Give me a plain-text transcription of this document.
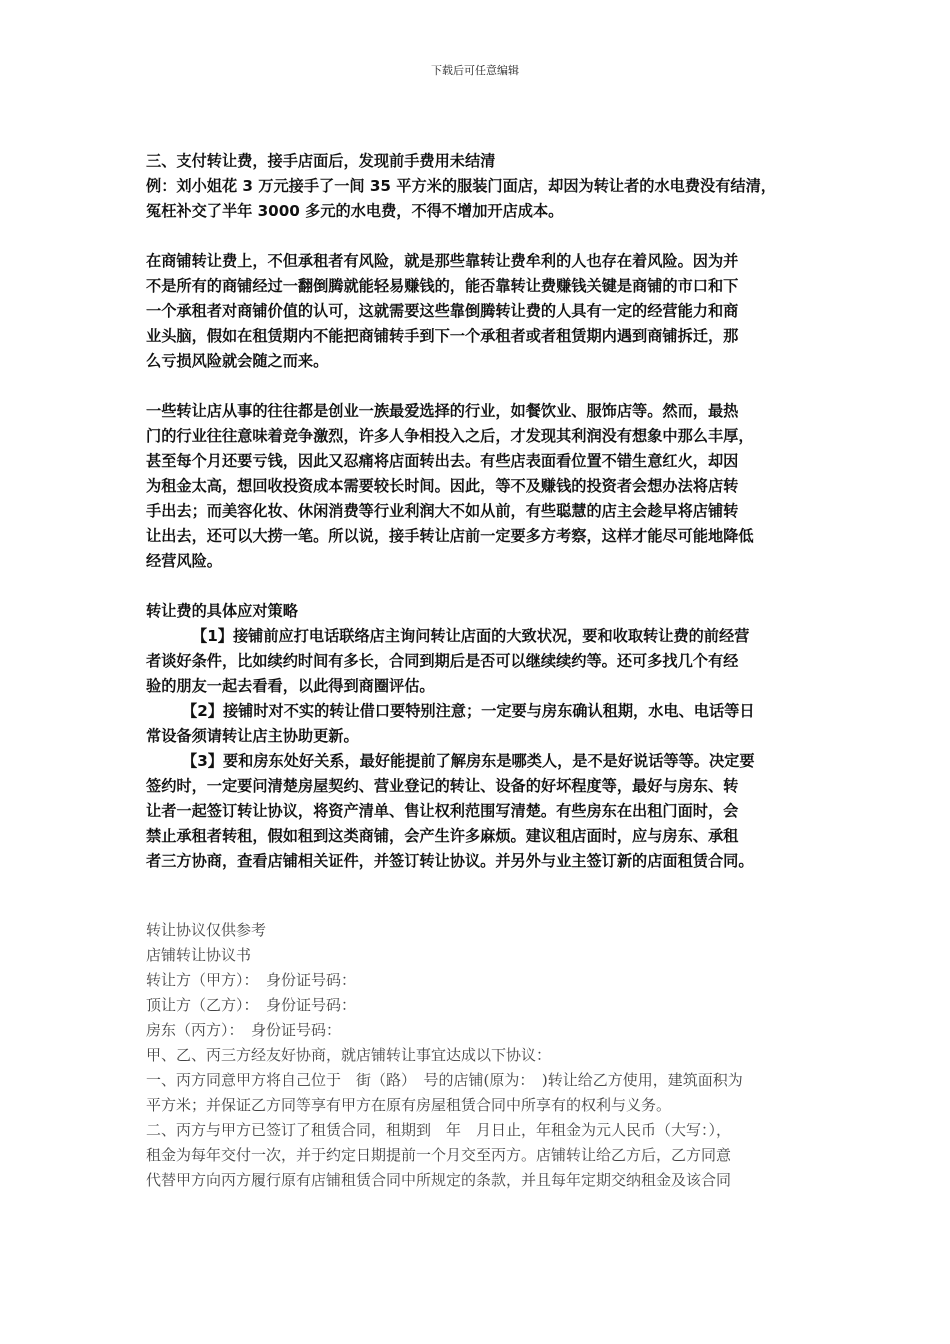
下载后可任意编辑

三、支付转让费，接手店面后，发现前手费用未结清

例：刘小姐花 3 万元接手了一间 35 平方米的服装门面店，却因为转让者的水电费没有结清，

冤枉补交了半年 3000 多元的水电费，不得不增加开店成本。

在商铺转让费上，不但承租者有风险，就是那些靠转让费牟利的人也存在着风险。因为并

不是所有的商铺经过一翻倒腾就能轻易赚钱的，能否靠转让费赚钱关键是商铺的市口和下

一个承租者对商铺价值的认可，这就需要这些靠倒腾转让费的人具有一定的经营能力和商

业头脑，假如在租赁期内不能把商铺转手到下一个承租者或者租赁期内遇到商铺拆迁，那

么亏损风险就会随之而来。

一些转让店从事的往往都是创业一族最爱选择的行业，如餐饮业、服饰店等。然而，最热

门的行业往往意味着竞争激烈，许多人争相投入之后，才发现其利润没有想象中那么丰厚，

甚至每个月还要亏钱，因此又忍痛将店面转出去。有些店表面看位置不错生意红火，却因

为租金太高，想回收投资成本需要较长时间。因此，等不及赚钱的投资者会想办法将店转

手出去；而美容化妆、休闲消费等行业利润大不如从前，有些聪慧的店主会趁早将店铺转

让出去，还可以大捞一笔。所以说，接手转让店前一定要多方考察，这样才能尽可能地降低

经营风险。

转让费的具体应对策略

【1】接铺前应打电话联络店主询问转让店面的大致状况，要和收取转让费的前经营

者谈好条件，比如续约时间有多长，合同到期后是否可以继续续约等。还可多找几个有经

验的朋友一起去看看，以此得到商圈评估。

【2】接铺时对不实的转让借口要特别注意；一定要与房东确认租期，水电、电话等日

常设备须请转让店主协助更新。

【3】要和房东处好关系，最好能提前了解房东是哪类人，是不是好说话等等。决定要

签约时，一定要问清楚房屋契约、营业登记的转让、设备的好坏程度等，最好与房东、转

让者一起签订转让协议，将资产清单、售让权利范围写清楚。有些房东在出租门面时，会

禁止承租者转租，假如租到这类商铺，会产生许多麻烦。建议租店面时，应与房东、承租

者三方协商，查看店铺相关证件，并签订转让协议。并另外与业主签订新的店面租赁合同。

转让协议仅供参考

店铺转让协议书

转让方（甲方）：　身份证号码：

顶让方（乙方）：　身份证号码：

房东（丙方）：　身份证号码：

甲、乙、丙三方经友好协商，就店铺转让事宜达成以下协议：

一、丙方同意甲方将自己位于　街（路）　号的店铺(原为：　)转让给乙方使用，建筑面积为

平方米；并保证乙方同等享有甲方在原有房屋租赁合同中所享有的权利与义务。

二、丙方与甲方已签订了租赁合同，租期到　年　月日止，年租金为元人民币（大写：），

租金为每年交付一次，并于约定日期提前一个月交至丙方。店铺转让给乙方后，乙方同意

代替甲方向丙方履行原有店铺租赁合同中所规定的条款，并且每年定期交纳租金及该合同
